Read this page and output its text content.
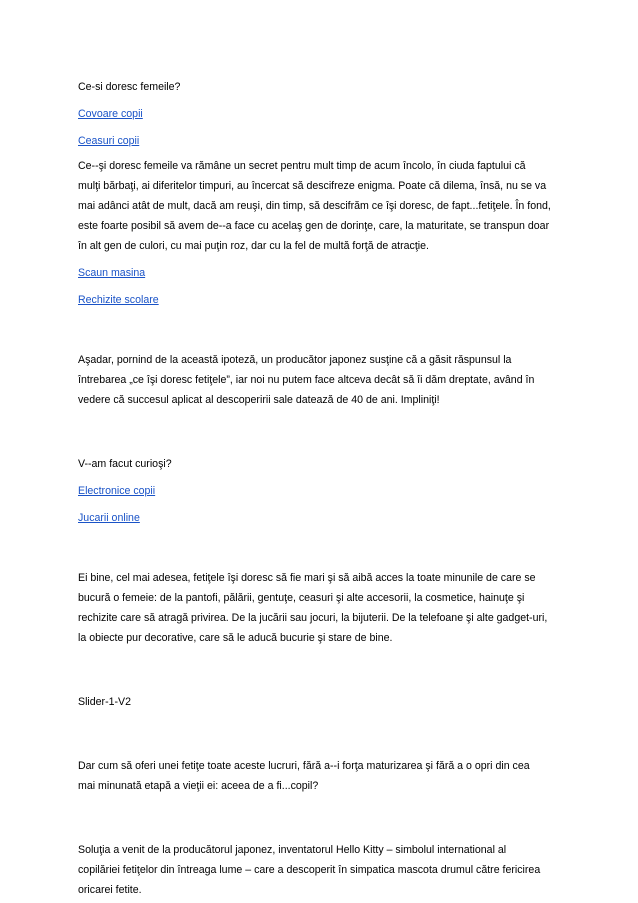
Ce-si doresc femeile?

Covoare copii

Ceasuri copii

Ce--şi doresc femeile va rămâne un secret pentru mult timp de acum încolo, în ciuda faptului că

mulţi bărbaţi, ai diferitelor timpuri, au încercat să descifreze enigma. Poate că dilema, însă, nu se va

mai adânci atât de mult, dacă am reuşi, din timp, să descifrăm ce îşi doresc, de fapt...fetiţele. În fond,

este foarte posibil să avem de--a face cu acelaş gen de dorinţe, care, la maturitate, se transpun doar

în alt gen de culori, cu mai puţin roz, dar cu la fel de multă forţă de atracţie.

Scaun masina

Rechizite scolare

Aşadar, pornind de la această ipoteză, un producător japonez susţine că a găsit răspunsul la

întrebarea „ce îşi doresc fetiţele”, iar noi nu putem face altceva decât să îi dăm dreptate, având în

vedere că succesul aplicat al descoperirii sale datează de 40 de ani. Impliniţi!

V--am facut curioşi?

Electronice copii

Jucarii online

Ei bine, cel mai adesea, fetiţele îşi doresc să fie mari şi să aibă acces la toate minunile de care se

bucură o femeie: de la pantofi, pălării, gentuţe, ceasuri şi alte accesorii, la cosmetice, hainuţe şi

rechizite care să atragă privirea. De la jucării sau jocuri, la bijuterii. De la telefoane şi alte gadget-uri,

la obiecte pur decorative, care să le aducă bucurie şi stare de bine.

Slider-1-V2

Dar cum să oferi unei fetiţe toate aceste lucruri, fără a--i forţa maturizarea şi fără a o opri din cea

mai minunată etapă a vieţii ei: aceea de a fi...copil?

Soluţia a venit de la producătorul japonez, inventatorul Hello Kitty – simbolul international al

copilăriei fetiţelor din întreaga lume – care a descoperit în simpatica mascota drumul către fericirea

oricarei fetite.
